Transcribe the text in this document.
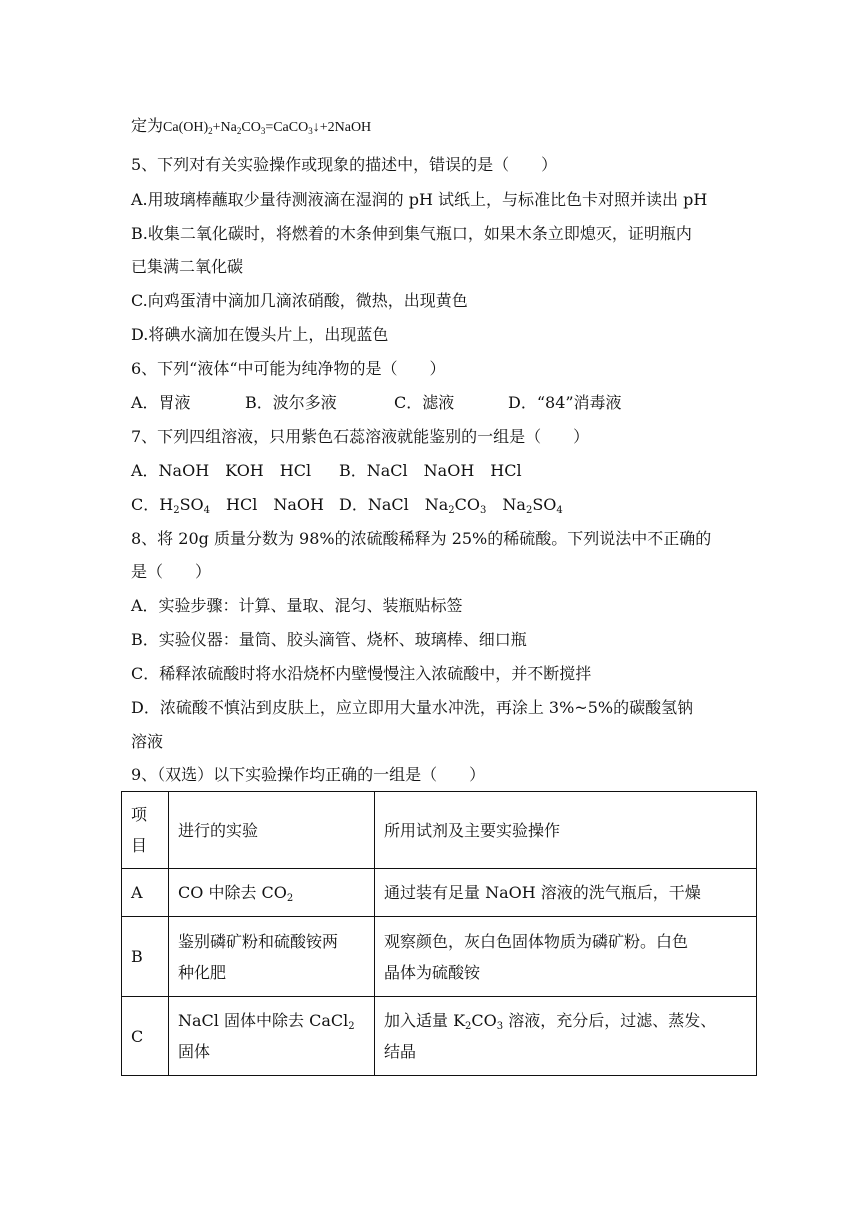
定为$Ca(OH)_2+Na_2CO_3=CaCO_3↓+2NaOH$
5、下列对有关实验操作或现象的描述中，错误的是（　　）
A.用玻璃棒蘸取少量待测液滴在湿润的 pH 试纸上，与标准比色卡对照并读出 pH
B.收集二氧化碳时，将燃着的木条伸到集气瓶口，如果木条立即熄灭，证明瓶内
已集满二氧化碳
C.向鸡蛋清中滴加几滴浓硝酸，微热，出现黄色
D.将碘水滴加在馒头片上，出现蓝色
6、下列“液体“中可能为纯净物的是（　　）
A．胃液	B．波尔多液	C．滤液	D．“84”消毒液
7、下列四组溶液，只用紫色石蕊溶液就能鉴别的一组是（　　）
A．NaOH　KOH　HCl B．NaCl　NaOH　HCl
C．$H_2SO_4$　HCl　NaOH D．NaCl　$Na_2CO_3$　$Na_2SO_4$
8、将 20g 质量分数为 98%的浓硫酸稀释为 25%的稀硫酸。下列说法中不正确的
是（　　）
A．实验步骤：计算、量取、混匀、装瓶贴标签
B．实验仪器：量筒、胶头滴管、烧杯、玻璃棒、细口瓶
C．稀释浓硫酸时将水沿烧杯内壁慢慢注入浓硫酸中，并不断搅拌
D．浓硫酸不慎沾到皮肤上，应立即用大量水冲洗，再涂上 3%~5%的碳酸氢钠
溶液
9、（双选）以下实验操作均正确的一组是（　　）
项
目	进行的实验	所用试剂及主要实验操作
A	CO 中除去 $CO_2$	通过装有足量 NaOH 溶液的洗气瓶后，干燥
B	鉴别磷矿粉和硫酸铵两
种化肥	观察颜色，灰白色固体物质为磷矿粉。白色
晶体为硫酸铵
C	NaCl 固体中除去 CaCl$_2$
固体	加入适量 $K_2CO_3$ 溶液，充分后，过滤、蒸发、
结晶
